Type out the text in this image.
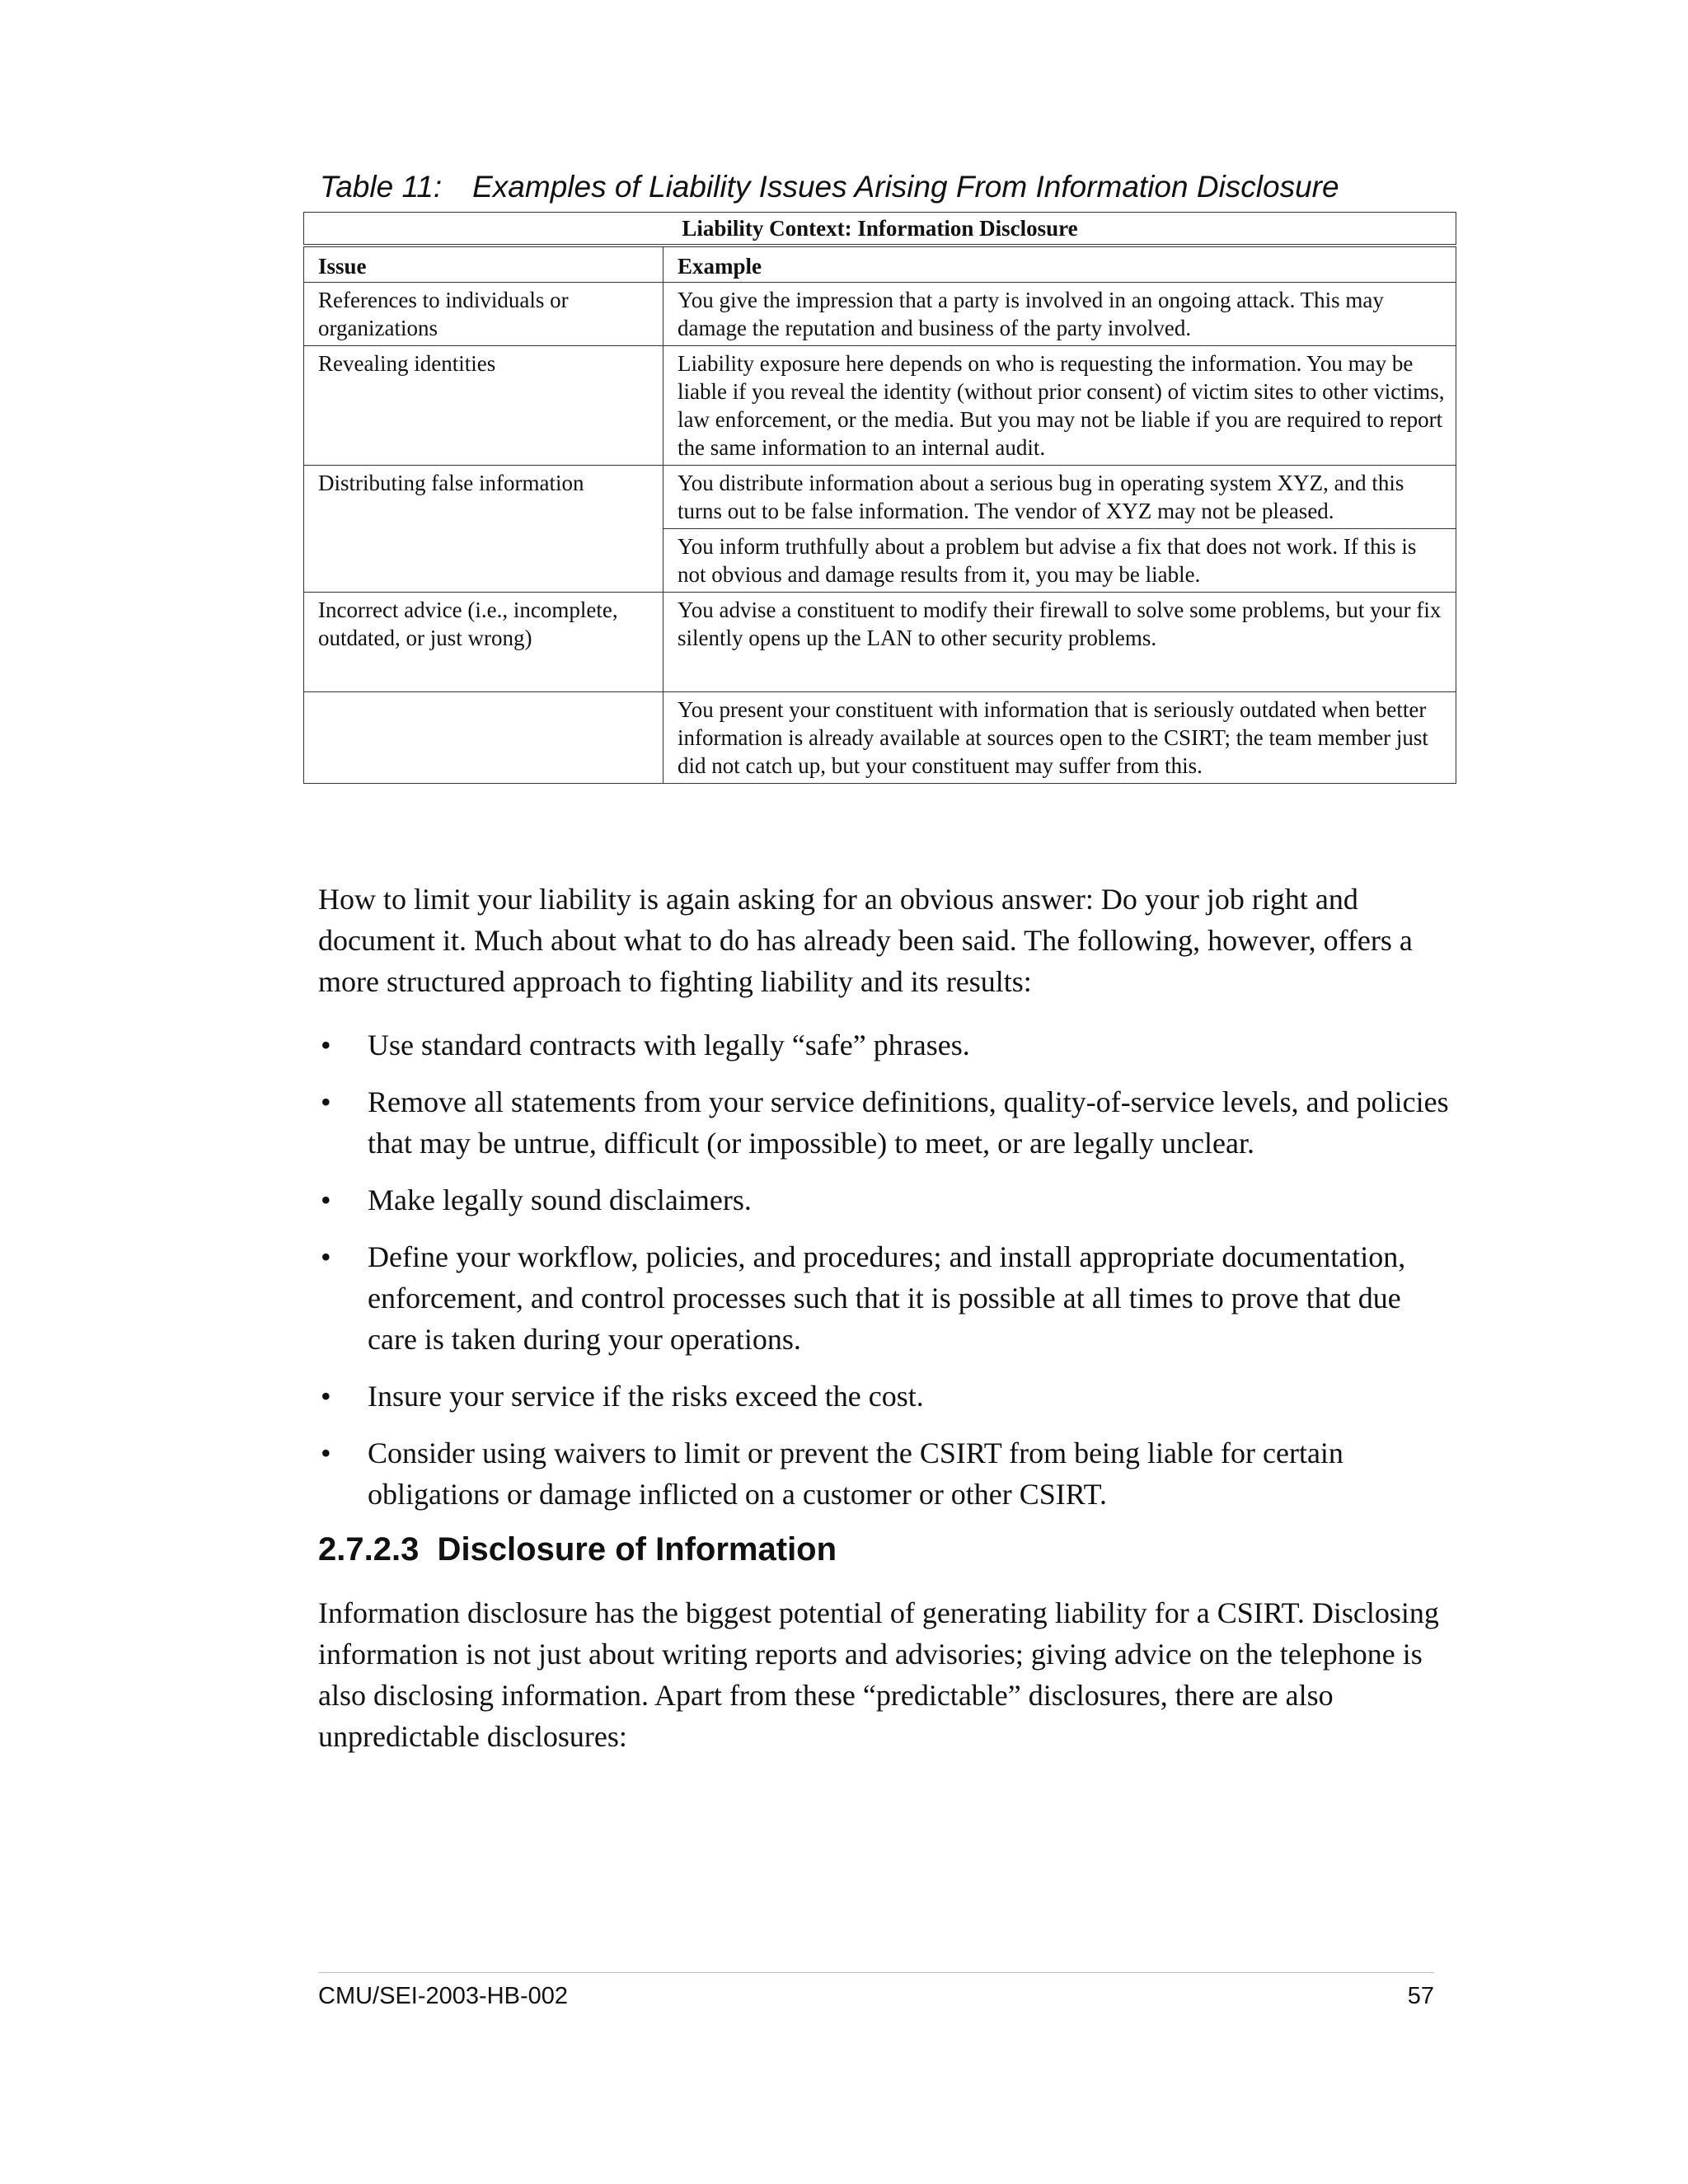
Table 11: Examples of Liability Issues Arising From Information Disclosure
Liability Context: Information Disclosure	
Issue	Example
References to individuals or organizations	You give the impression that a party is involved in an ongoing attack. This may damage the reputation and business of the party involved.
Revealing identities	Liability exposure here depends on who is requesting the information. You may be liable if you reveal the identity (without prior consent) of victim sites to other victims, law enforcement, or the media. But you may not be liable if you are required to report the same information to an internal audit.
Distributing false information	You distribute information about a serious bug in operating system XYZ, and this turns out to be false information. The vendor of XYZ may not be pleased.
	You inform truthfully about a problem but advise a fix that does not work. If this is not obvious and damage results from it, you may be liable.
Incorrect advice (i.e., incomplete, outdated, or just wrong)	You advise a constituent to modify their firewall to solve some problems, but your fix silently opens up the LAN to other security problems.
	You present your constituent with information that is seriously outdated when better information is already available at sources open to the CSIRT; the team member just did not catch up, but your constituent may suffer from this.

How to limit your liability is again asking for an obvious answer: Do your job right and document it. Much about what to do has already been said. The following, however, offers a more structured approach to fighting liability and its results:

• Use standard contracts with legally “safe” phrases.
• Remove all statements from your service definitions, quality-of-service levels, and policies that may be untrue, difficult (or impossible) to meet, or are legally unclear.
• Make legally sound disclaimers.
• Define your workflow, policies, and procedures; and install appropriate documentation, enforcement, and control processes such that it is possible at all times to prove that due care is taken during your operations.
• Insure your service if the risks exceed the cost.
• Consider using waivers to limit or prevent the CSIRT from being liable for certain obligations or damage inflicted on a customer or other CSIRT.
2.7.2.3  Disclosure of Information

Information disclosure has the biggest potential of generating liability for a CSIRT. Disclosing information is not just about writing reports and advisories; giving advice on the telephone is also disclosing information. Apart from these “predictable” disclosures, there are also unpredictable disclosures:

CMU/SEI-2003-HB-002	57
